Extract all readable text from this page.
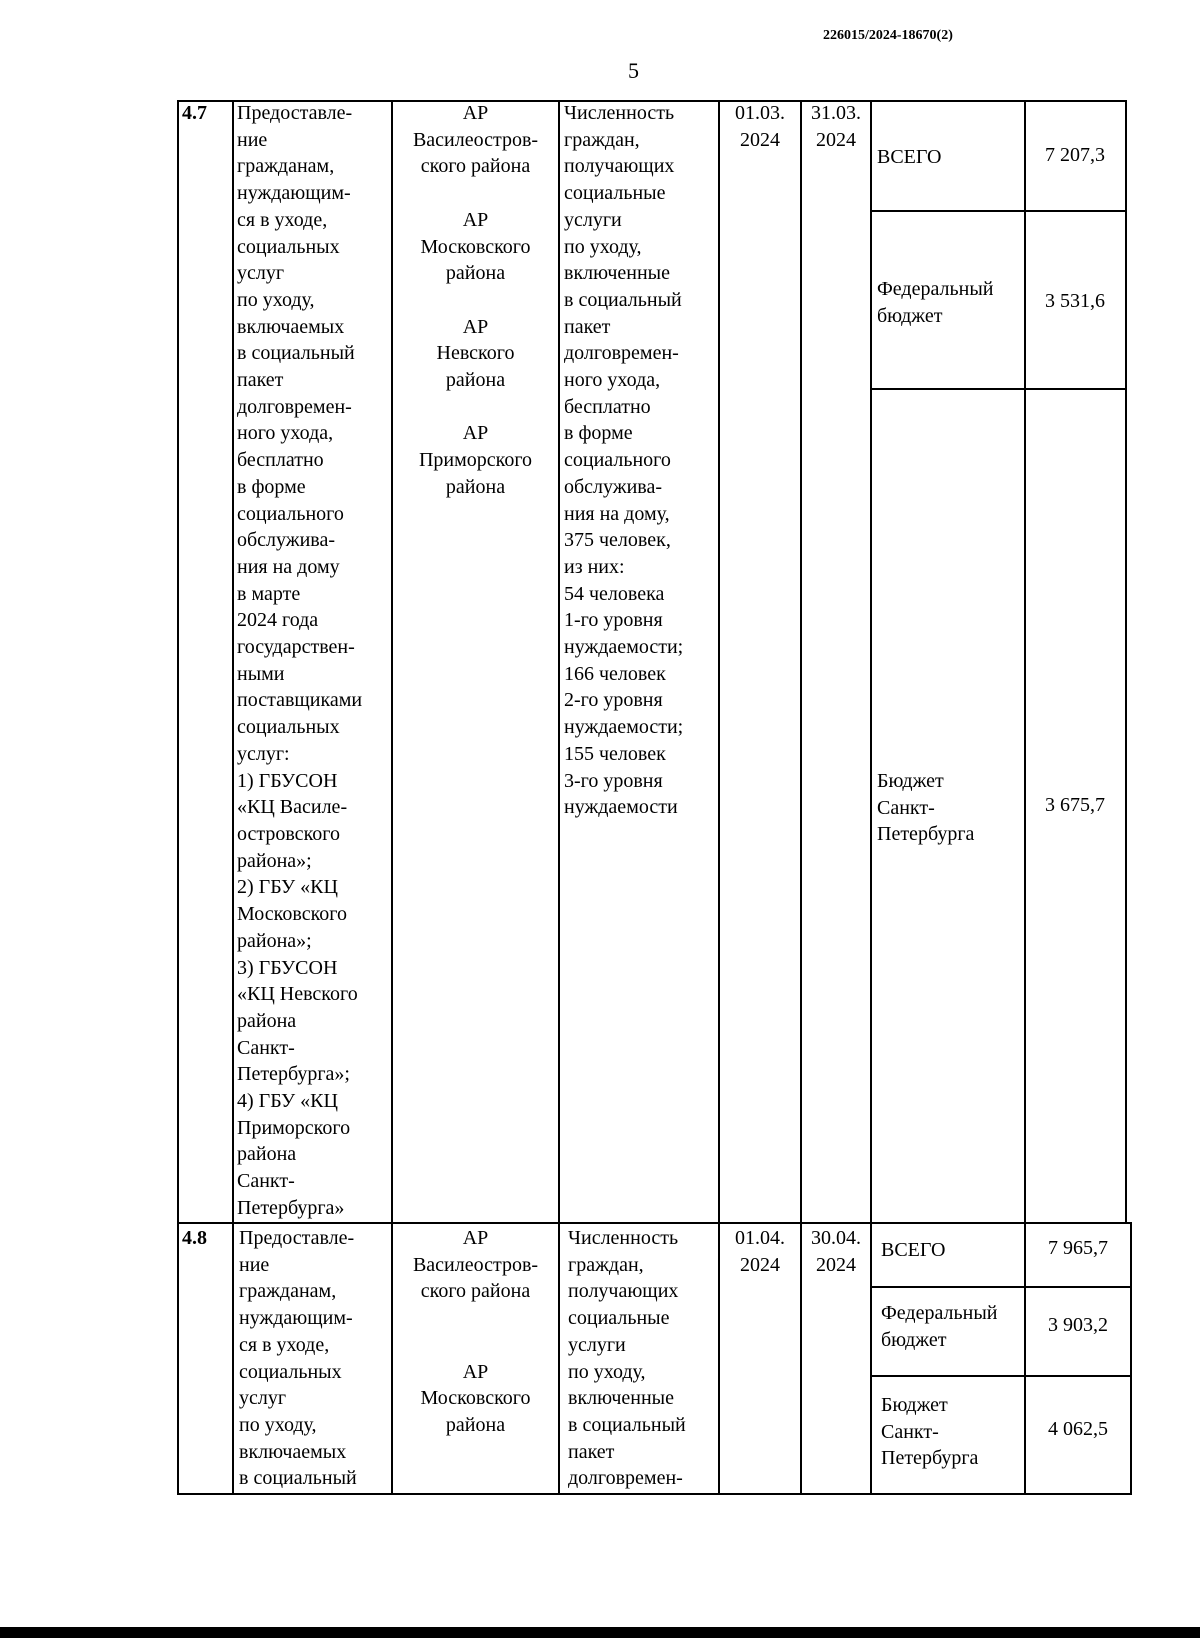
226015/2024-18670(2)
5
4.7 Предоставле-
ние
гражданам,
нуждающим-
ся в уходе,
социальных
услуг
по уходу,
включаемых
в социальный
пакет
долговремен-
ного ухода,
бесплатно
в форме
социального
обслужива-
ния на дому
в марте
2024 года
государствен-
ными
поставщиками
социальных
услуг:
1) ГБУСОН
«КЦ Василе-
островского
района»;
2) ГБУ «КЦ
Московского
района»;
3) ГБУСОН
«КЦ Невского
района
Санкт-
Петербурга»;
4) ГБУ «КЦ
Приморского
района
Санкт-
Петербурга»
АР
Василеостров-
ского района

АР
Московского
района

АР
Невского
района

АР
Приморского
района
Численность
граждан,
получающих
социальные
услуги
по уходу,
включенные
в социальный
пакет
долговремен-
ного ухода,
бесплатно
в форме
социального
обслужива-
ния на дому,
375 человек,
из них:
54 человека
1-го уровня
нуждаемости;
166 человек
2-го уровня
нуждаемости;
155 человек
3-го уровня
нуждаемости
01.03.
2024
31.03.
2024
ВСЕГО	7 207,3
Федеральный
бюджет
3 531,6
Бюджет
Санкт-
Петербурга
3 675,7
4.8 Предоставле-
ние
гражданам,
нуждающим-
ся в уходе,
социальных
услуг
по уходу,
включаемых
в социальный
АР
Василеостров-
ского района

АР
Московского
района
Численность
граждан,
получающих
социальные
услуги
по уходу,
включенные
в социальный
пакет
долговремен-
01.04.
2024
30.04.
2024
ВСЕГО	7 965,7
Федеральный
бюджет
3 903,2
Бюджет
Санкт-
Петербурга
4 062,5
